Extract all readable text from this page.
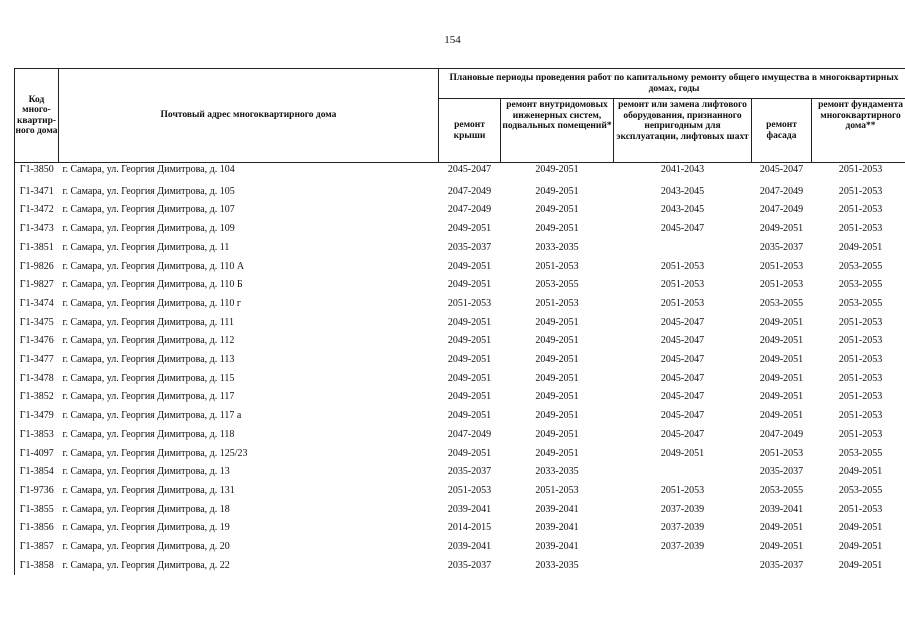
154
Код много-квартир-ного дома	Почтовый адрес многоквартирного дома	Плановые периоды проведения работ по капитальному ремонту общего имущества в многоквартирных домах, годы				
		ремонт крыши	ремонт внутридомовых инженерных систем, подвальных помещений*	ремонт или замена лифтового оборудования, признанного непригодным для эксплуатации, лифтовых шахт	ремонт фасада	ремонт фундамента многоквартирного дома**
Г1-3850	г. Самара, ул. Георгия Димитрова, д. 104	2045-2047	2049-2051	2041-2043	2045-2047	2051-2053
Г1-3471	г. Самара, ул. Георгия Димитрова, д. 105	2047-2049	2049-2051	2043-2045	2047-2049	2051-2053
Г1-3472	г. Самара, ул. Георгия Димитрова, д. 107	2047-2049	2049-2051	2043-2045	2047-2049	2051-2053
Г1-3473	г. Самара, ул. Георгия Димитрова, д. 109	2049-2051	2049-2051	2045-2047	2049-2051	2051-2053
Г1-3851	г. Самара, ул. Георгия Димитрова, д. 11	2035-2037	2033-2035		2035-2037	2049-2051
Г1-9826	г. Самара, ул. Георгия Димитрова, д. 110 А	2049-2051	2051-2053	2051-2053	2051-2053	2053-2055
Г1-9827	г. Самара, ул. Георгия Димитрова, д. 110 Б	2049-2051	2053-2055	2051-2053	2051-2053	2053-2055
Г1-3474	г. Самара, ул. Георгия Димитрова, д. 110 г	2051-2053	2051-2053	2051-2053	2053-2055	2053-2055
Г1-3475	г. Самара, ул. Георгия Димитрова, д. 111	2049-2051	2049-2051	2045-2047	2049-2051	2051-2053
Г1-3476	г. Самара, ул. Георгия Димитрова, д. 112	2049-2051	2049-2051	2045-2047	2049-2051	2051-2053
Г1-3477	г. Самара, ул. Георгия Димитрова, д. 113	2049-2051	2049-2051	2045-2047	2049-2051	2051-2053
Г1-3478	г. Самара, ул. Георгия Димитрова, д. 115	2049-2051	2049-2051	2045-2047	2049-2051	2051-2053
Г1-3852	г. Самара, ул. Георгия Димитрова, д. 117	2049-2051	2049-2051	2045-2047	2049-2051	2051-2053
Г1-3479	г. Самара, ул. Георгия Димитрова, д. 117 а	2049-2051	2049-2051	2045-2047	2049-2051	2051-2053
Г1-3853	г. Самара, ул. Георгия Димитрова, д. 118	2047-2049	2049-2051	2045-2047	2047-2049	2051-2053
Г1-4097	г. Самара, ул. Георгия Димитрова, д. 125/23	2049-2051	2049-2051	2049-2051	2051-2053	2053-2055
Г1-3854	г. Самара, ул. Георгия Димитрова, д. 13	2035-2037	2033-2035		2035-2037	2049-2051
Г1-9736	г. Самара, ул. Георгия Димитрова, д. 131	2051-2053	2051-2053	2051-2053	2053-2055	2053-2055
Г1-3855	г. Самара, ул. Георгия Димитрова, д. 18	2039-2041	2039-2041	2037-2039	2039-2041	2051-2053
Г1-3856	г. Самара, ул. Георгия Димитрова, д. 19	2014-2015	2039-2041	2037-2039	2049-2051	2049-2051
Г1-3857	г. Самара, ул. Георгия Димитрова, д. 20	2039-2041	2039-2041	2037-2039	2049-2051	2049-2051
Г1-3858	г. Самара, ул. Георгия Димитрова, д. 22	2035-2037	2033-2035		2035-2037	2049-2051
